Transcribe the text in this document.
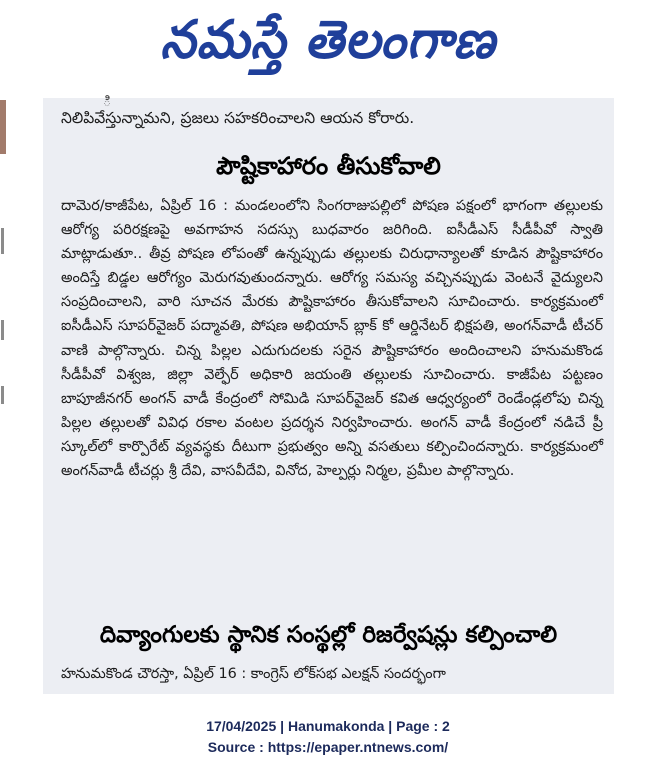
నమస్తే తెలంగాణ
ి
నిలిపివేస్తున్నామని, ప్రజలు సహకరించాలని ఆయన కోరారు.
పౌష్టికాహారం తీసుకోవాలి
దామెర/కాజీపేట, ఏప్రిల్ 16 : మండలంలోని సింగరాజుపల్లిలో పోషణ పక్షంలో భాగంగా తల్లులకు ఆరోగ్య పరిరక్షణపై అవగాహన సదస్సు బుధవారం జరిగింది. ఐసీడీఎస్ సీడీపీవో స్వాతి మాట్లాడుతూ.. తీవ్ర పోషణ లోపంతో ఉన్నప్పుడు తల్లులకు చిరుధాన్యాలతో కూడిన పౌష్టికాహారం అందిస్తే బిడ్డల ఆరోగ్యం మెరుగవుతుందన్నారు. ఆరోగ్య సమస్య వచ్చినప్పుడు వెంటనే వైద్యులని సంప్రదించాలని, వారి సూచన మేరకు పౌష్టికాహారం తీసుకోవాలని సూచించారు. కార్యక్రమంలో ఐసీడీఎస్ సూపర్‌వైజర్ పద్మావతి, పోషణ అభియాన్ బ్లాక్ కో ఆర్డినేటర్ భిక్షపతి, అంగన్‌వాడీ టీచర్ వాణి పాల్గొన్నారు. చిన్న పిల్లల ఎదుగుదలకు సరైన పౌష్టికాహారం అందించాలని హనుమకొండ సీడీపీవో విశ్వజ, జిల్లా వెల్ఫేర్ అధికారి జయంతి తల్లులకు సూచించారు. కాజీపేట పట్టణం బాపూజీనగర్ అంగన్ వాడీ కేంద్రంలో సోమిడి సూపర్‌వైజర్ కవిత ఆధ్వర్యంలో రెండేండ్లలోపు చిన్న పిల్లల తల్లులతో వివిధ రకాల వంటల ప్రదర్శన నిర్వహించారు. అంగన్ వాడీ కేంద్రంలో నడిచే ప్రీ స్కూల్‌లో కార్పొరేట్ వ్యవస్థకు దీటుగా ప్రభుత్వం అన్ని వసతులు కల్పించిందన్నారు. కార్యక్రమంలో అంగన్‌వాడీ టీచర్లు శ్రీ దేవి, వాసవీదేవి, వినోద, హెల్పర్లు నిర్మల, ప్రమీల పాల్గొన్నారు.
దివ్యాంగులకు స్థానిక సంస్థల్లో రిజర్వేషన్లు కల్పించాలి
హనుమకొండ చౌరస్తా, ఏప్రిల్ 16 : కాంగ్రెస్ లోక్‌సభ ఎలక్షన్ సందర్భంగా
17/04/2025 | Hanumakonda | Page : 2
Source : https://epaper.ntnews.com/
